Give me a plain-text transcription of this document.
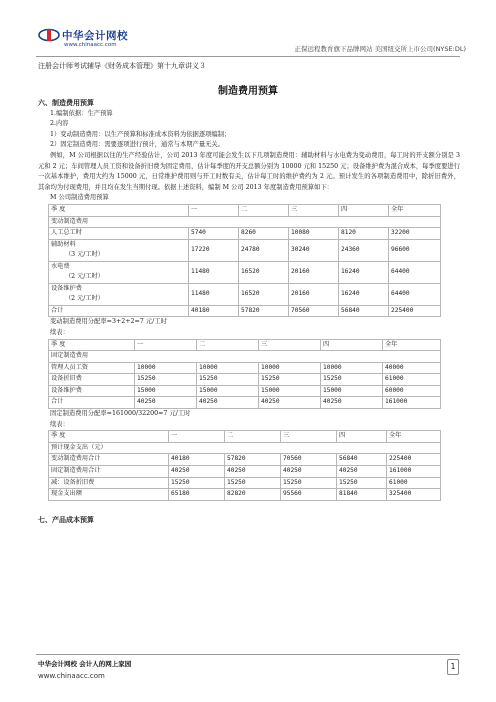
中华会计网校
www.chinaacc.com	正保远程教育旗下品牌网站 美国纽交所上市公司(NYSE:DL)
注册会计师考试辅导《财务成本管理》第十九章讲义３
制造费用预算

六、制造费用预算

1.编制依据：生产预算

2.内容

1）变动制造费用：以生产预算和标准成本资料为依据逐项编制；

2）固定制造费用：需要逐项进行预计，通常与本期产量无关。

例如，M 公司根据以往的生产经验估计，公司 2013 年度可能会发生以下几项制造费用：辅助材料与水电费为变动费用，每工时的开支额分别是 3 元和 2 元；车间管理人员工资和设备折旧费为固定费用，估计每季度的开支总额分别为 10000 元和 15250 元；设备维护费为混合成本，每季度要进行一次基本维护，费用大约为 15000 元，日常维护费用则与开工时数有关，估计每工时的维护费约为 2 元。预计发生的各项制造费用中，除折旧费外，其余均为付现费用，并且均在发生当期付现。依据上述资料，编制 M 公司 2013 年度制造费用预算如下：

M 公司制造费用预算

季 度	一	二	三	四	全年
变动制造费用					
人工总工时	5740	8260	10080	8120	32200

辅助材料
（3 元/工时）	17220	24780	30240	24360	96600

水电费
（2 元/工时）	11480	16520	20160	16240	64400

设备维护费
（2 元/工时）	11480	16520	20160	16240	64400
合计	40180	57820	70560	56840	225400

变动制造费用分配率=3+2+2=7 元/工时

续表：

季 度	一	二	三	四	全年
固定制造费用					
管理人员工资	10000	10000	10000	10000	40000
设备折旧费	15250	15250	15250	15250	61000
设备维护费	15000	15000	15000	15000	60000
合计	40250	40250	40250	40250	161000

固定制造费用分配率=161000/32200=7 元/工时

续表：

季 度	一	二	三	四	全年
预计现金支出（元）					
变动制造费用合计	40180	57820	70560	56840	225400
固定制造费用合计	40250	40250	40250	40250	161000
减：设备折旧费	15250	15250	15250	15250	61000
现金支出额	65180	82820	95560	81840	325400

七、产品成本预算

中华会计网校 会计人的网上家园
www.chinaacc.com
1
